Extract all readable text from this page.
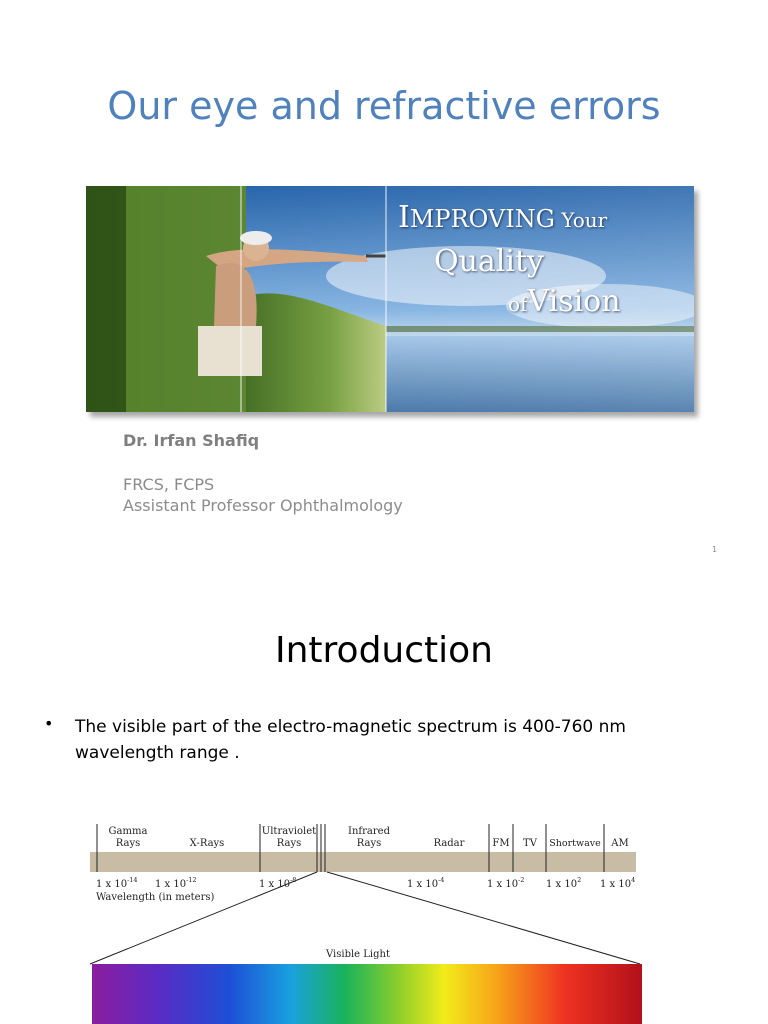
Our eye and refractive errors

IMPROVING Your

Quality

ofVision

Dr. Irfan Shafiq

FRCS, FCPS
Assistant Professor Ophthalmology
1
Introduction
• The visible part of the electro-magnetic spectrum is 400-760 nm wavelength range .

Gamma
Rays	X-Rays
Ultraviolet
Rays
Infrared
Rays	Radar	FM TV Shortwave AM
1 x $10^{-14}$ 1 x $10^{-12}$	1 x $10^{-8}$	1 x $10^{-4}$	1 x $10^{-2}$ 1 x $10^2$ 1 x $10^4$
Wavelength (in meters)
Visible Light
